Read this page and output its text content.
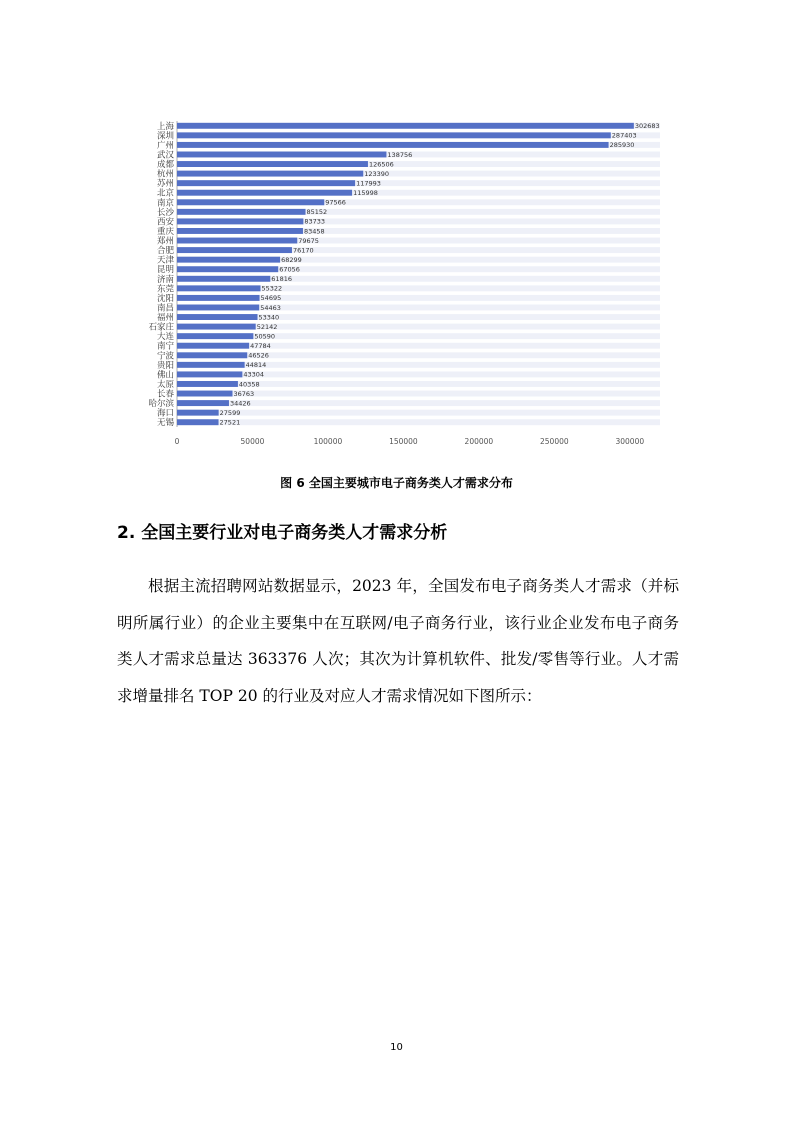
上海	302683
深圳	287403
广州	285930
武汉	138756
成都	126506
杭州	123390
苏州	117993
北京	115998
南京	97566
长沙	85152
西安	83733
重庆	83458
郑州	79675
合肥	76170
天津	68299
昆明	67056
济南	61816
东莞	55322
沈阳	54695
南昌	54463
福州	53340
石家庄	52142
大连	50590
南宁	47784
宁波	46526
贵阳	44814
佛山	43304
太原	40358
长春	36763
哈尔滨	34426
海口	27599
无锡	27521
0	50000	100000	150000	200000	250000	300000
图 6 全国主要城市电子商务类人才需求分布
2. 全国主要行业对电子商务类人才需求分析

根据主流招聘网站数据显示，2023 年，全国发布电子商务类人才需求（并标明所属行业）的企业主要集中在互联网/电子商务行业，该行业企业发布电子商务类人才需求总量达 363376 人次；其次为计算机软件、批发/零售等行业。人才需求增量排名 TOP 20 的行业及对应人才需求情况如下图所示：

10
